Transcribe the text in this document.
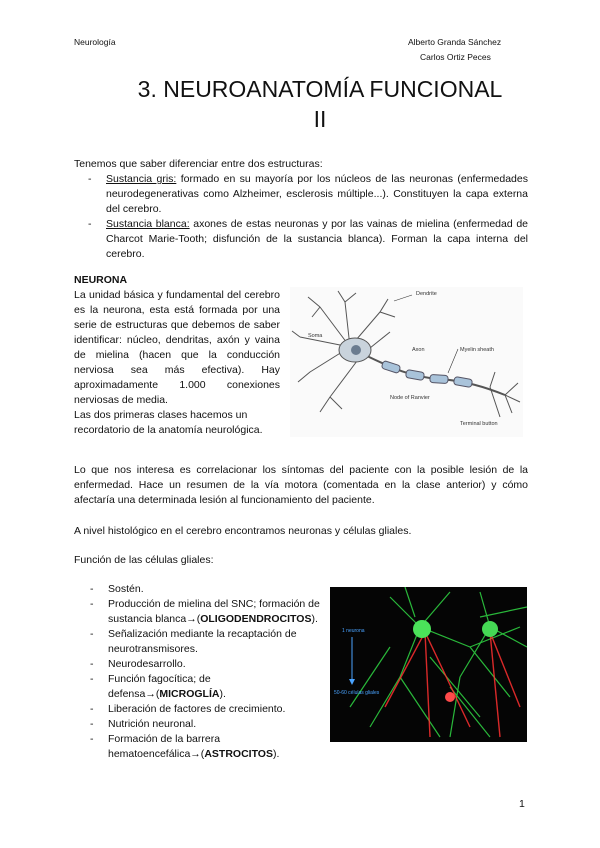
Neurología	Alberto Granda Sánchez
Carlos Ortiz Peces
3. NEUROANATOMÍA FUNCIONAL
II
Tenemos que saber diferenciar entre dos estructuras:
- Sustancia gris: formado en su mayoría por los núcleos de las neuronas (enfermedades neurodegenerativas como Alzheimer, esclerosis múltiple...). Constituyen la capa externa del cerebro.
- Sustancia blanca: axones de estas neuronas y por las vainas de mielina (enfermedad de Charcot Marie-Tooth; disfunción de la sustancia blanca). Forman la capa interna del cerebro.
NEURONA
La unidad básica y fundamental del cerebro es la neurona, esta está formada por una serie de estructuras que debemos de saber identificar: núcleo, dendritas, axón y vaina de mielina (hacen que la conducción nerviosa sea más efectiva). Hay aproximadamente 1.000 conexiones nerviosas de media.
Las dos primeras clases hacemos un recordatorio de la anatomía neurológica.
Dendrite
Soma
Axon	Myelin sheath
Node of Ranvier
Terminal button
Lo que nos interesa es correlacionar los síntomas del paciente con la posible lesión de la enfermedad. Hace un resumen de la vía motora (comentada en la clase anterior) y cómo afectaría una determinada lesión al funcionamiento del paciente.
A nivel histológico en el cerebro encontramos neuronas y células gliales.
Función de las células gliales:
- Sostén.
- Producción de mielina del SNC; formación de sustancia blanca→(OLIGODENDROCITOS).
- Señalización mediante la recaptación de neurotransmisores.
- Neurodesarrollo.
- Función fagocítica; de defensa→(MICROGLÍA).
- Liberación de factores de crecimiento.
- Nutrición neuronal.
- Formación de la barrera hematoencefálica→(ASTROCITOS).
1 neurona
50-60 células gliales
1
